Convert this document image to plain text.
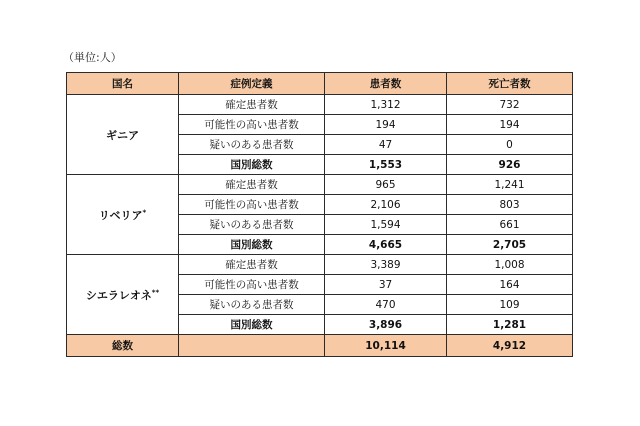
（単位:人）
国名	症例定義	患者数	死亡者数
ギニア	確定患者数	1,312	732
	可能性の高い患者数	194	194
	疑いのある患者数	47	0
	国別総数	1,553	926
リベリア*	確定患者数	965	1,241
	可能性の高い患者数	2,106	803
	疑いのある患者数	1,594	661
	国別総数	4,665	2,705
シエラレオネ**	確定患者数	3,389	1,008
	可能性の高い患者数	37	164
	疑いのある患者数	470	109
	国別総数	3,896	1,281
総数		10,114	4,912
